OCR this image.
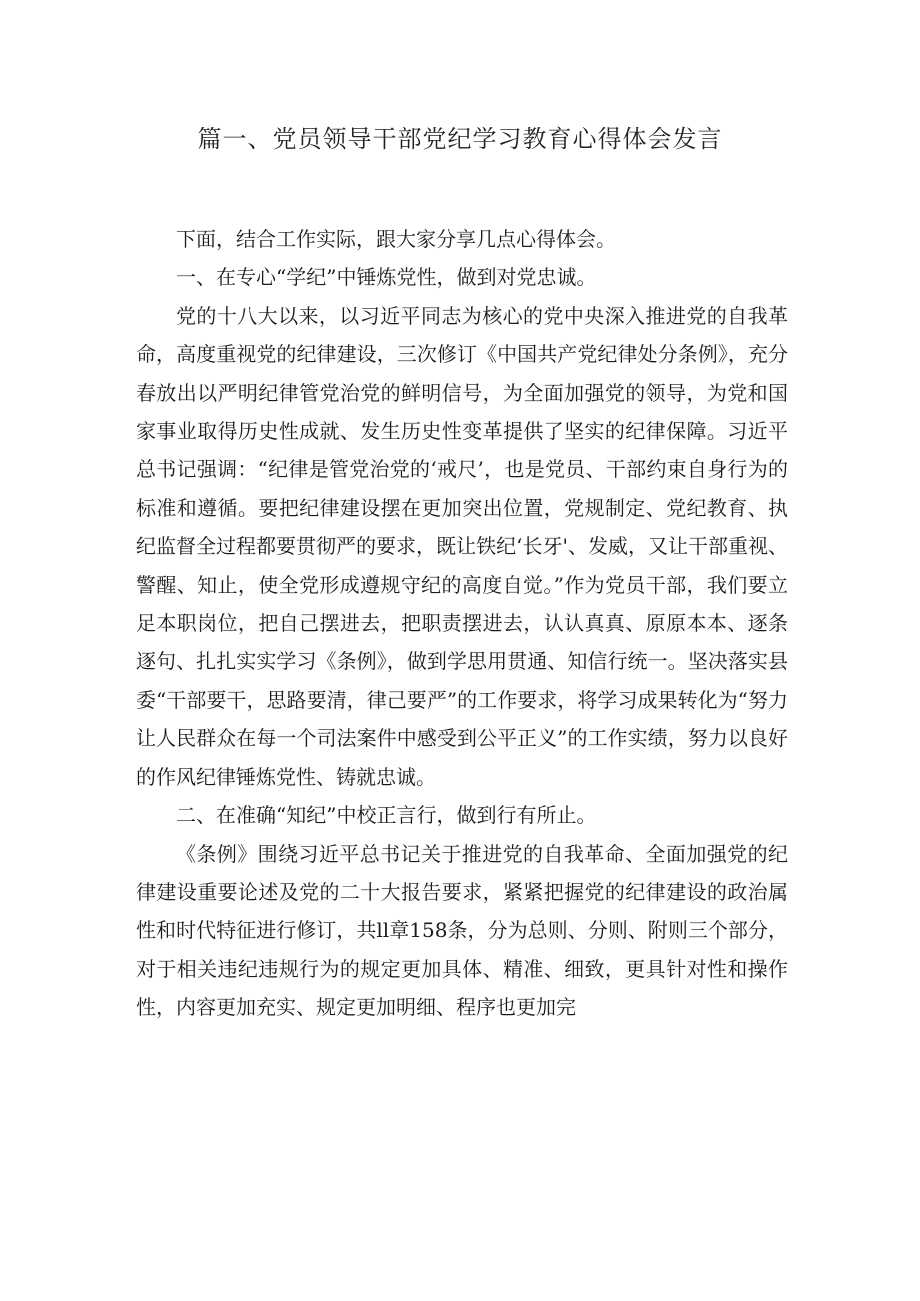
篇一、党员领导干部党纪学习教育心得体会发言

下面，结合工作实际，跟大家分享几点心得体会。

一、在专心“学纪”中锤炼党性，做到对党忠诚。

党的十八大以来，以习近平同志为核心的党中央深入推进党的自我革命，高度重视党的纪律建设，三次修订《中国共产党纪律处分条例》，充分春放出以严明纪律管党治党的鲜明信号，为全面加强党的领导，为党和国家事业取得历史性成就、发生历史性变革提供了坚实的纪律保障。习近平总书记强调：“纪律是管党治党的‘戒尺’，也是党员、干部约束自身行为的标准和遵循。要把纪律建设摆在更加突出位置，党规制定、党纪教育、执纪监督全过程都要贯彻严的要求，既让铁纪‘长牙'、发威，又让干部重视、警醒、知止，使全党形成遵规守纪的高度自觉。”作为党员干部，我们要立足本职岗位，把自己摆进去，把职责摆进去，认认真真、原原本本、逐条逐句、扎扎实实学习《条例》，做到学思用贯通、知信行统一。坚决落实县委“干部要干，思路要清，律己要严”的工作要求，将学习成果转化为“努力让人民群众在每一个司法案件中感受到公平正义”的工作实绩，努力以良好的作风纪律锤炼党性、铸就忠诚。

二、在准确“知纪”中校正言行，做到行有所止。

《条例》围绕习近平总书记关于推进党的自我革命、全面加强党的纪律建设重要论述及党的二十大报告要求，紧紧把握党的纪律建设的政治属性和时代特征进行修订，共ll章158条，分为总则、分则、附则三个部分，对于相关违纪违规行为的规定更加具体、精准、细致，更具针对性和操作性，内容更加充实、规定更加明细、程序也更加完
